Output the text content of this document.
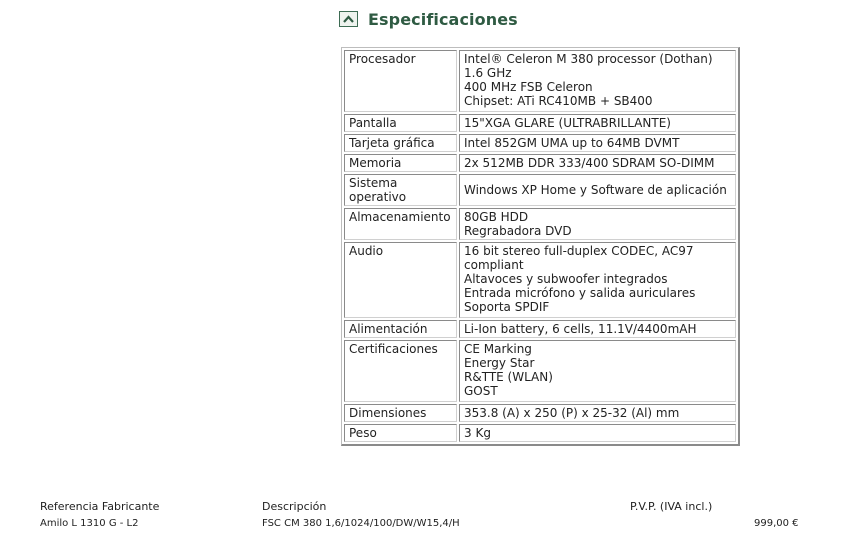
Especificaciones
Procesador	Intel® Celeron M 380 processor (Dothan) 1.6 GHz
400 MHz FSB Celeron
Chipset: ATi RC410MB + SB400
Pantalla	15"XGA GLARE (ULTRABRILLANTE)
Tarjeta gráfica	Intel 852GM UMA up to 64MB DVMT
Memoria	2x 512MB DDR 333/400 SDRAM SO-DIMM
Sistema operativo	Windows XP Home y Software de aplicación
Almacenamiento	80GB HDD
Regrabadora DVD
Audio	16 bit stereo full-duplex CODEC, AC97 compliant
Altavoces y subwoofer integrados
Entrada micrófono y salida auriculares
Soporta SPDIF
Alimentación	Li-Ion battery, 6 cells, 11.1V/4400mAH
Certificaciones	CE Marking
Energy Star
R&TTE (WLAN)
GOST
Dimensiones	353.8 (A) x 250 (P) x 25-32 (Al) mm
Peso	3 Kg
Referencia Fabricante	Descripción	P.V.P. (IVA incl.)
Amilo L 1310 G - L2	FSC CM 380 1,6/1024/100/DW/W15,4/H	999,00 €
